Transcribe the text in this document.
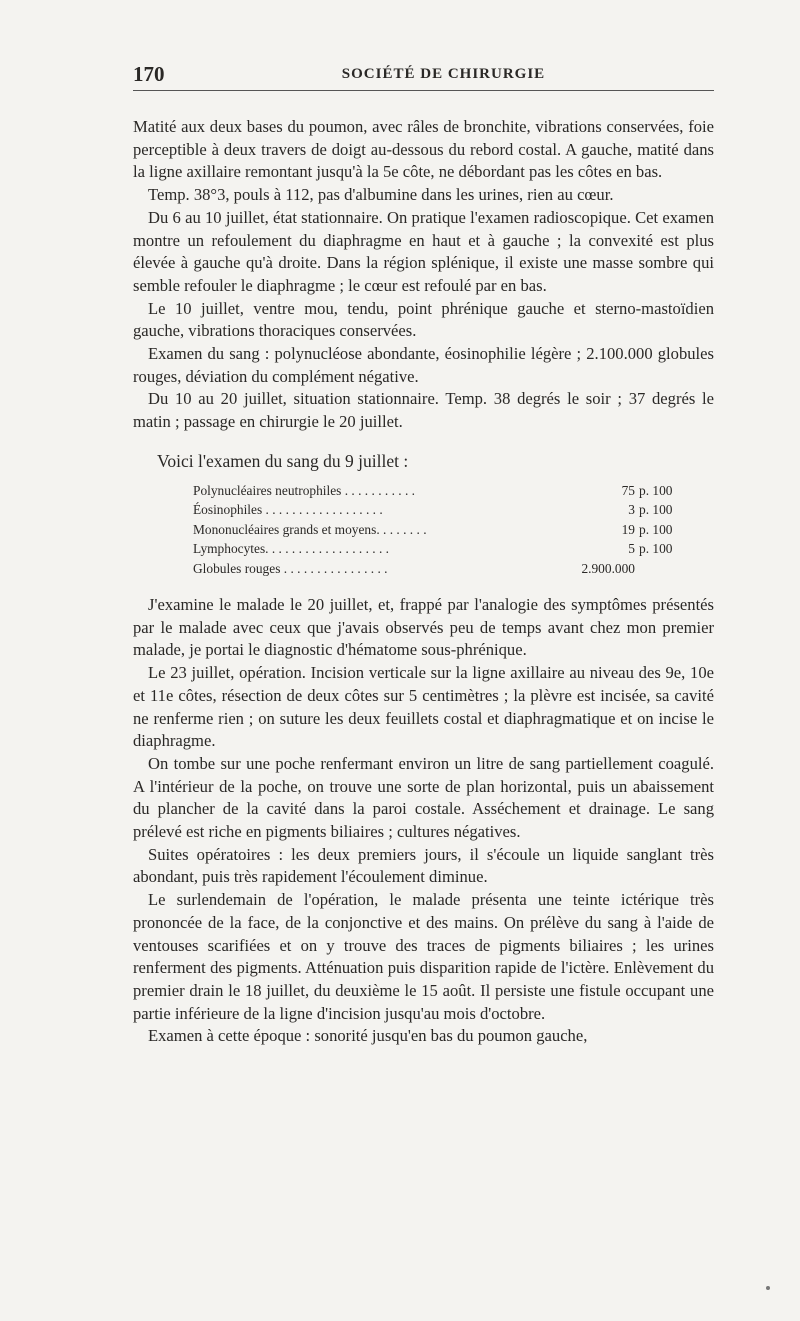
170	SOCIÉTÉ DE CHIRURGIE

Matité aux deux bases du poumon, avec râles de bronchite, vibrations conservées, foie perceptible à deux travers de doigt au-dessous du rebord costal. A gauche, matité dans la ligne axillaire remontant jusqu'à la 5e côte, ne débordant pas les côtes en bas.

Temp. 38°3, pouls à 112, pas d'albumine dans les urines, rien au cœur.

Du 6 au 10 juillet, état stationnaire. On pratique l'examen radioscopique. Cet examen montre un refoulement du diaphragme en haut et à gauche ; la convexité est plus élevée à gauche qu'à droite. Dans la région splénique, il existe une masse sombre qui semble refouler le diaphragme ; le cœur est refoulé par en bas.

Le 10 juillet, ventre mou, tendu, point phrénique gauche et sterno-mastoïdien gauche, vibrations thoraciques conservées.

Examen du sang : polynucléose abondante, éosinophilie légère ; 2.100.000 globules rouges, déviation du complément négative.

Du 10 au 20 juillet, situation stationnaire. Temp. 38 degrés le soir ; 37 degrés le matin ; passage en chirurgie le 20 juillet.

Voici l'examen du sang du 9 juillet :

Polynucléaires neutrophiles . . . . . . . . . . .	75	p. 100
Éosinophiles . . . . . . . . . . . . . . . . . .	3	p. 100
Mononucléaires grands et moyens. . . . . . . .	19	p. 100
Lymphocytes. . . . . . . . . . . . . . . . . . .	5	p. 100
Globules rouges . . . . . . . . . . . . . . . .	2.900.000	

J'examine le malade le 20 juillet, et, frappé par l'analogie des symptômes présentés par le malade avec ceux que j'avais observés peu de temps avant chez mon premier malade, je portai le diagnostic d'hématome sous-phrénique.

Le 23 juillet, opération. Incision verticale sur la ligne axillaire au niveau des 9e, 10e et 11e côtes, résection de deux côtes sur 5 centimètres ; la plèvre est incisée, sa cavité ne renferme rien ; on suture les deux feuillets costal et diaphragmatique et on incise le diaphragme.

On tombe sur une poche renfermant environ un litre de sang partiellement coagulé. A l'intérieur de la poche, on trouve une sorte de plan horizontal, puis un abaissement du plancher de la cavité dans la paroi costale. Asséchement et drainage. Le sang prélevé est riche en pigments biliaires ; cultures négatives.

Suites opératoires : les deux premiers jours, il s'écoule un liquide sanglant très abondant, puis très rapidement l'écoulement diminue.

Le surlendemain de l'opération, le malade présenta une teinte ictérique très prononcée de la face, de la conjonctive et des mains. On prélève du sang à l'aide de ventouses scarifiées et on y trouve des traces de pigments biliaires ; les urines renferment des pigments. Atténuation puis disparition rapide de l'ictère. Enlèvement du premier drain le 18 juillet, du deuxième le 15 août. Il persiste une fistule occupant une partie inférieure de la ligne d'incision jusqu'au mois d'octobre.

Examen à cette époque : sonorité jusqu'en bas du poumon gauche,
